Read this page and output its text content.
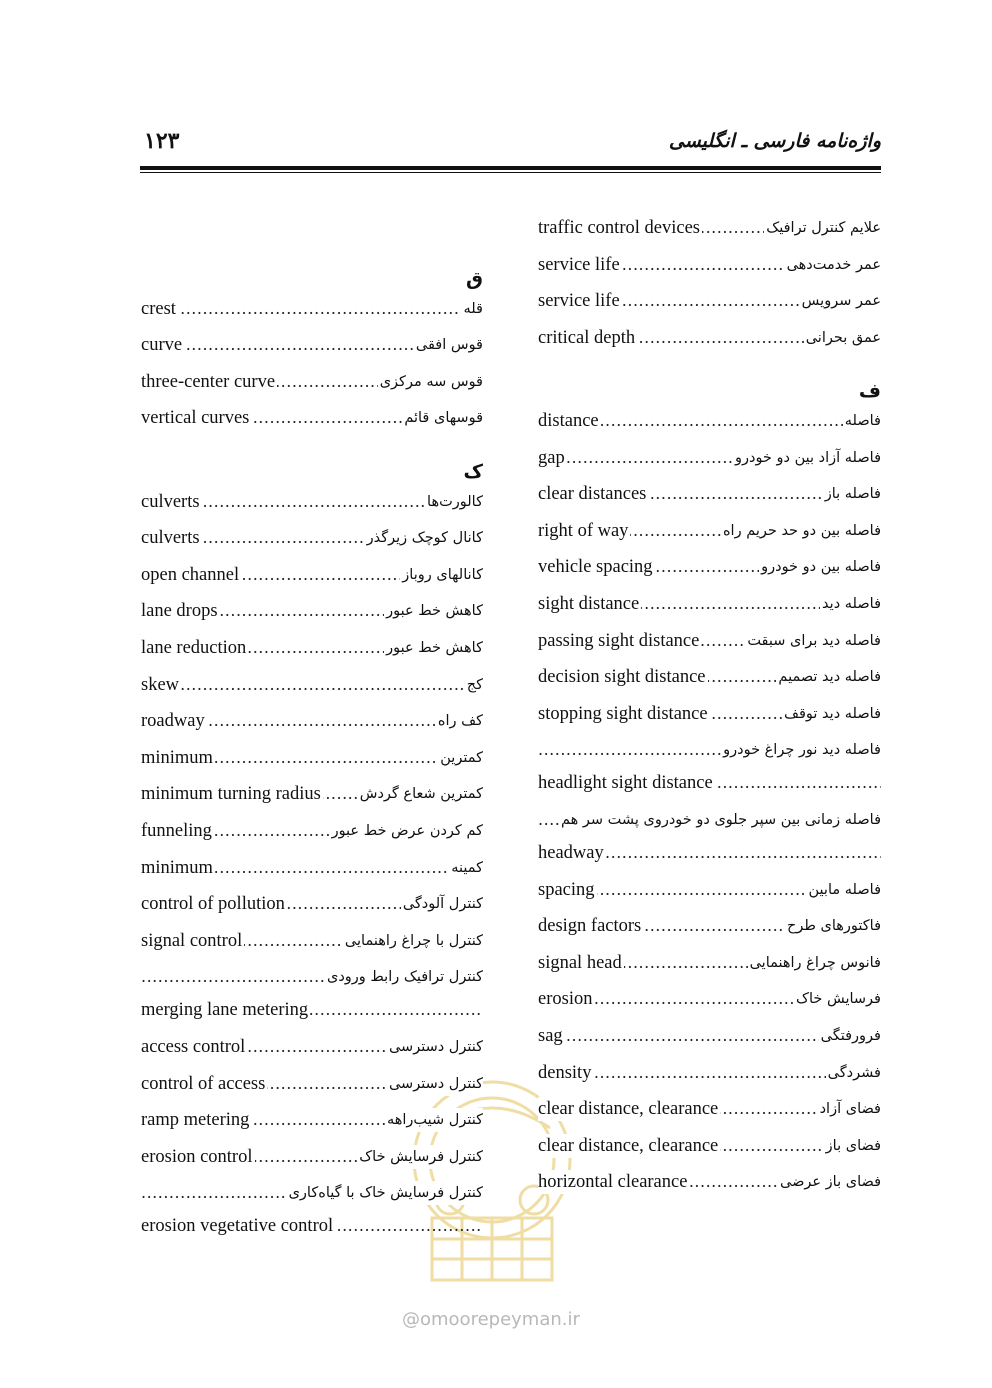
۱۲۳	واژه‌نامه فارسی ـ انگلیسی
.....
علایم کنترل ترافیک
traffic control devices
.....
عمر خدمت‌دهی
service life
.....
عمر سرویس
service life
.....
عمق بحرانی
critical depth
ف
.....
فاصله
distance
.....
فاصله آزاد بین دو خودرو
gap
.....
فاصله باز
clear distances
.....
فاصله بین دو حد حریم راه
right of way
.....
فاصله بین دو خودرو
vehicle spacing
.....
فاصله دید
sight distance
.....
فاصله دید برای سبقت
passing sight distance
.....
فاصله دید تصمیم
decision sight distance
.....
فاصله دید توقف
stopping sight distance
.....
فاصله دید نور چراغ خودرو
.....
headlight sight distance
.....
فاصله زمانی بین سپر جلوی دو خودروی پشت سر هم
.....
headway
.....
فاصله مابین
spacing
.....
فاکتورهای طرح
design factors
.....
فانوس چراغ راهنمایی
signal head
.....
فرسایش خاک
erosion
.....
فرورفتگی
sag
.....
فشردگی
density
.....
فضای آزاد
clear distance, clearance
.....
فضای باز
clear distance, clearance
.....
فضای باز عرضی
horizontal clearance
ق
.....
قله
crest
.....
قوس افقی
curve
.....
قوس سه مرکزی
three-center curve
.....
قوسهای قائم
vertical curves
ک
.....
کالورت‌ها
culverts
.....
کانال کوچک زیرگذر
culverts
.....
کانالهای روباز
open channel
.....
کاهش خط عبور
lane drops
.....
کاهش خط عبور
lane reduction
.....
کج
skew
.....
کف راه
roadway
.....
کمترین
minimum
.....
کمترین شعاع گردش
minimum turning radius
.....
کم کردن عرض خط عبور
funneling
.....
کمینه
minimum
.....
کنترل آلودگی
control of pollution
.....
کنترل با چراغ راهنمایی
signal control
.....
کنترل ترافیک رابط ورودی
.....
merging lane metering
.....
کنترل دسترسی
access control
.....
کنترل دسترسی
control of access
.....
کنترل شیب‌راهه
ramp metering
.....
کنترل فرسایش خاک
erosion control
.....
کنترل فرسایش خاک با گیاه‌کاری
.....
erosion vegetative control
@omoorepeyman.ir
